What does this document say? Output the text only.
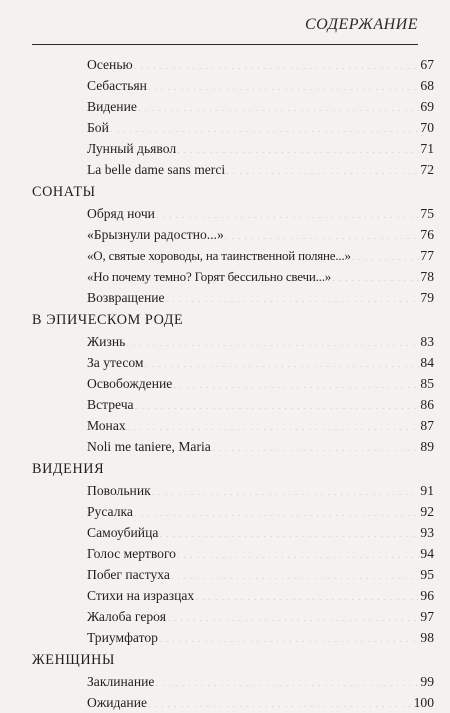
СОДЕРЖАНИЕ
Осенью . . .	67
Себастьян . . .	68
Видение . . .	69
Бой . . .	70
Лунный дьявол . . .	71
La belle dame sans merci . . .	72
СОНАТЫ
Обряд ночи . . .	75
«Брызнули радостно...» . . .	76
«О, святые хороводы, на таинственной поляне...» . . .	77
«Но почему темно? Горят бессильно свечи...» . . .	78
Возвращение . . .	79
В ЭПИЧЕСКОМ РОДЕ
Жизнь . . .	83
За утесом . . .	84
Освобождение . . .	85
Встреча . . .	86
Монах . . .	87
Noli me taniere, Maria . . .	89
ВИДЕНИЯ
Повольник . . .	91
Русалка . . .	92
Самоубийца . . .	93
Голос мертвого . . .	94
Побег пастуха . . .	95
Стихи на изразцах . . .	96
Жалоба героя . . .	97
Триумфатор . . .	98
ЖЕНЩИНЫ
Заклинание . . .	99
Ожидание . . .	100
